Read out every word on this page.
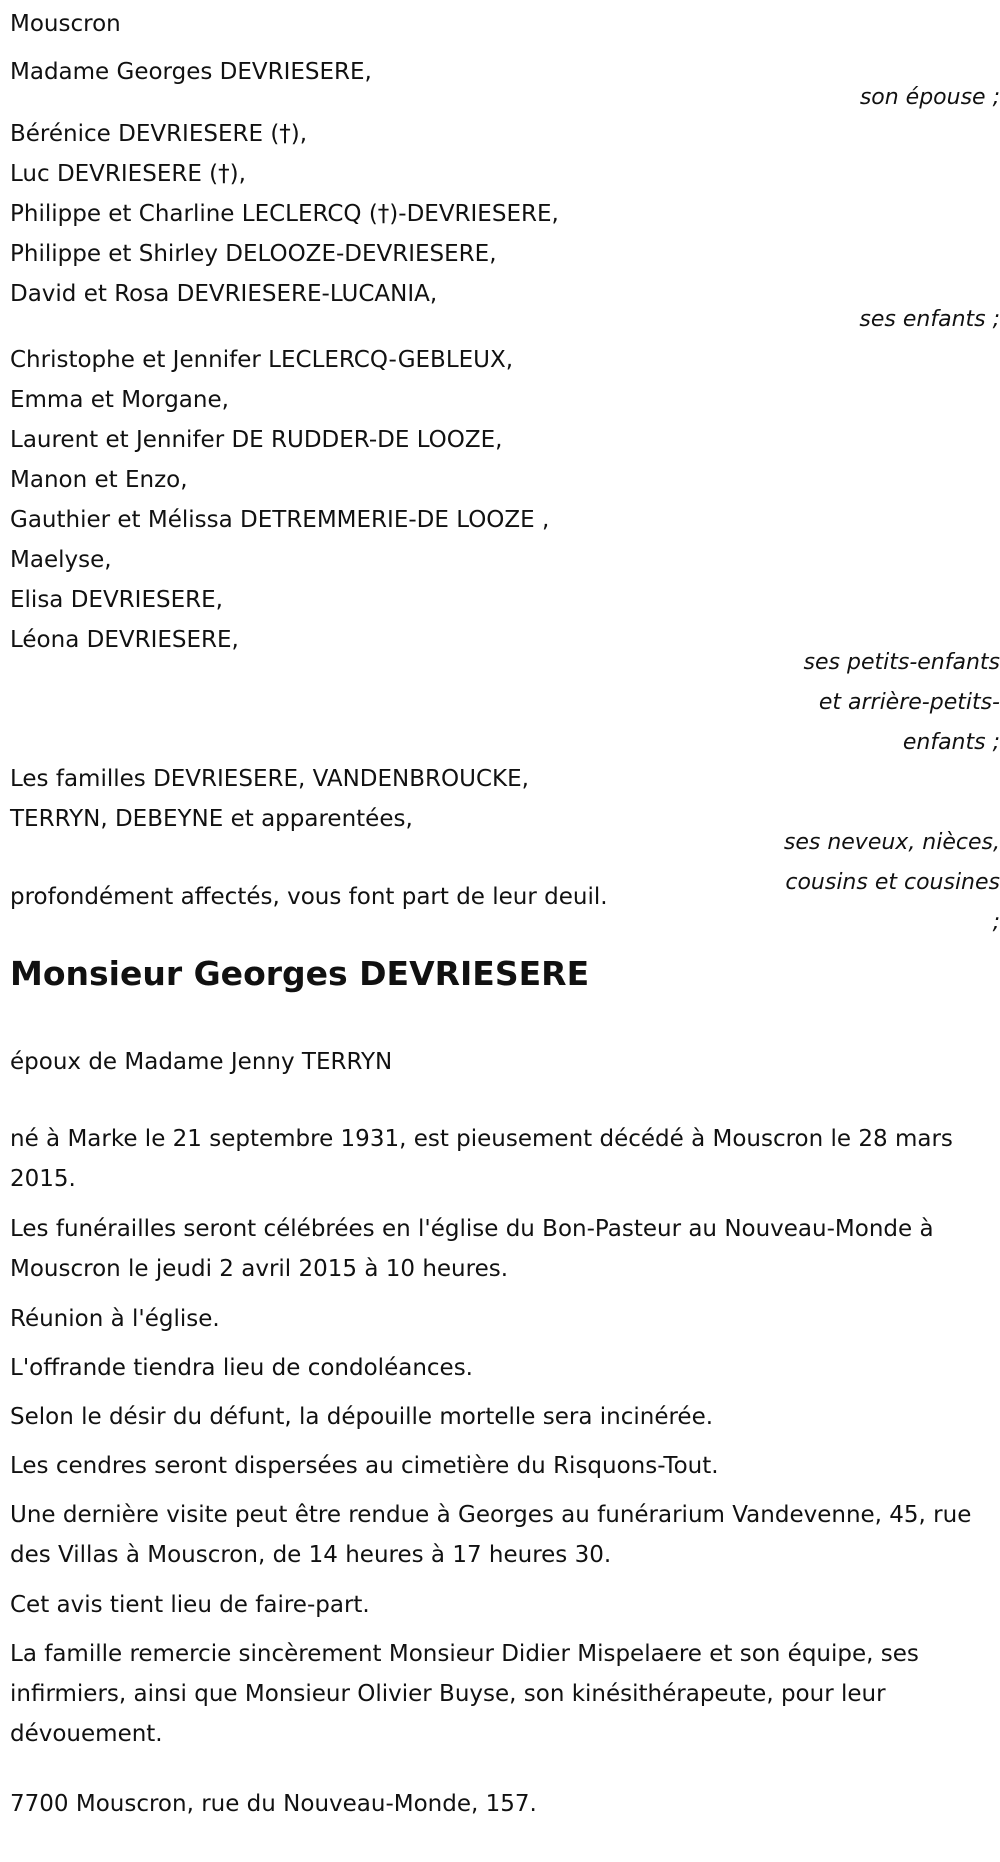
Mouscron
Madame Georges DEVRIESERE,
son épouse ;
Bérénice DEVRIESERE (†),
Luc DEVRIESERE (†),
Philippe et Charline LECLERCQ (†)-DEVRIESERE,
Philippe et Shirley DELOOZE-DEVRIESERE,
David et Rosa DEVRIESERE-LUCANIA,
ses enfants ;
Christophe et Jennifer LECLERCQ-GEBLEUX,
Emma et Morgane,
Laurent et Jennifer DE RUDDER-DE LOOZE,
Manon et Enzo,
Gauthier et Mélissa DETREMMERIE-DE LOOZE ,
Maelyse,
Elisa DEVRIESERE,
Léona DEVRIESERE,
ses petits-enfants
et arrière-petits-
enfants ;
Les familles DEVRIESERE, VANDENBROUCKE,
TERRYN, DEBEYNE et apparentées,
ses neveux, nièces,
cousins et cousines
;
profondément affectés, vous font part de leur deuil.
Monsieur Georges DEVRIESERE
époux de Madame Jenny TERRYN
né à Marke le 21 septembre 1931, est pieusement décédé à Mouscron le 28 mars 2015.
Les funérailles seront célébrées en l'église du Bon-Pasteur au Nouveau-Monde à Mouscron le jeudi 2 avril 2015 à 10 heures.
Réunion à l'église.
L'offrande tiendra lieu de condoléances.
Selon le désir du défunt, la dépouille mortelle sera incinérée.
Les cendres seront dispersées au cimetière du Risquons-Tout.
Une dernière visite peut être rendue à Georges au funérarium Vandevenne, 45, rue des Villas à Mouscron, de 14 heures à 17 heures 30.
Cet avis tient lieu de faire-part.
La famille remercie sincèrement Monsieur Didier Mispelaere et son équipe, ses infirmiers, ainsi que Monsieur Olivier Buyse, son kinésithérapeute, pour leur dévouement.
7700 Mouscron, rue du Nouveau-Monde, 157.
